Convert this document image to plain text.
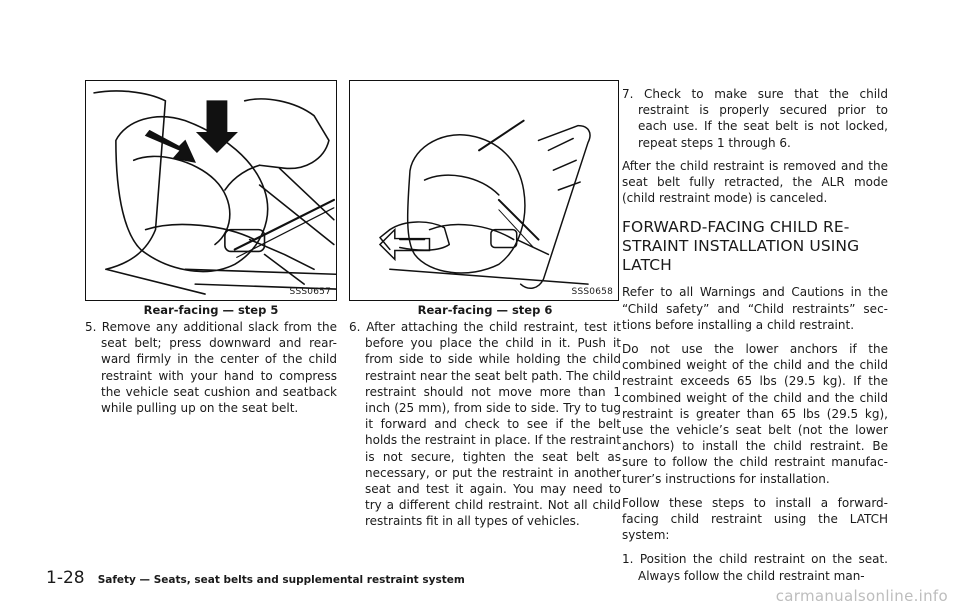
SSS0657
Rear-facing — step 5
5. Remove any additional slack from the seat belt; press downward and rear-ward firmly in the center of the child restraint with your hand to compress the vehicle seat cushion and seatback while pulling up on the seat belt.
SSS0658
Rear-facing — step 6
6. After attaching the child restraint, test it before you place the child in it. Push it from side to side while holding the child restraint near the seat belt path. The child restraint should not move more than 1 inch (25 mm), from side to side. Try to tug it forward and check to see if the belt holds the restraint in place. If the restraint is not secure, tighten the seat belt as necessary, or put the restraint in another seat and test it again. You may need to try a different child restraint. Not all child restraints fit in all types of vehicles.
7. Check to make sure that the child restraint is properly secured prior to each use. If the seat belt is not locked, repeat steps 1 through 6.

After the child restraint is removed and the seat belt fully retracted, the ALR mode (child restraint mode) is canceled.

FORWARD-FACING CHILD RE-STRAINT INSTALLATION USING LATCH

Refer to all Warnings and Cautions in the “Child safety” and “Child restraints” sec-tions before installing a child restraint.

Do not use the lower anchors if the combined weight of the child and the child restraint exceeds 65 lbs (29.5 kg). If the combined weight of the child and the child restraint is greater than 65 lbs (29.5 kg), use the vehicle’s seat belt (not the lower anchors) to install the child restraint. Be sure to follow the child restraint manufac-turer’s instructions for installation.

Follow these steps to install a forward-facing child restraint using the LATCH system:

1. Position the child restraint on the seat. Always follow the child restraint man-
1-28 Safety — Seats, seat belts and supplemental restraint system
carmanualsonline.info
